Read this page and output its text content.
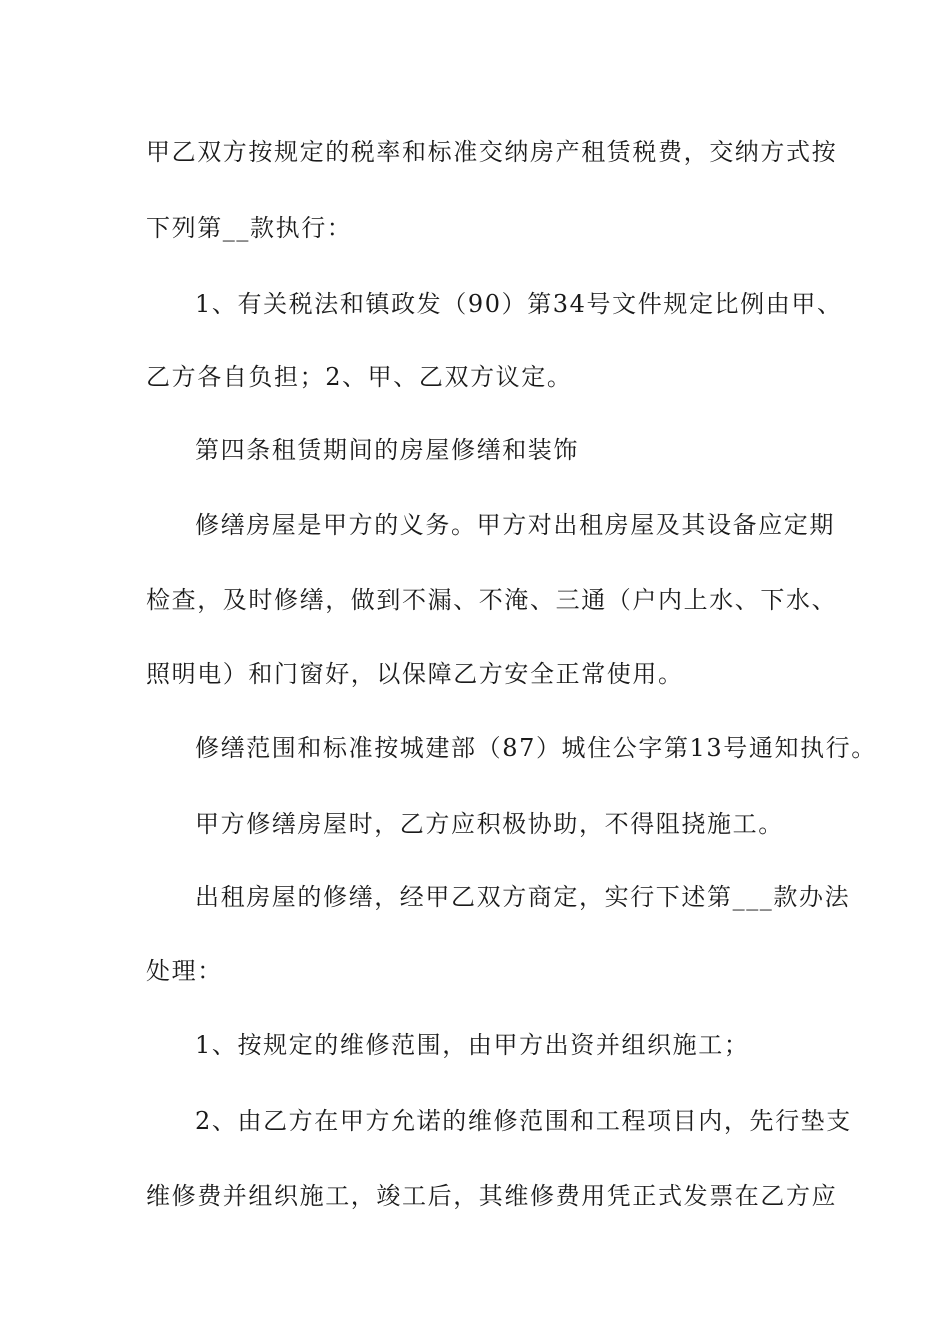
甲乙双方按规定的税率和标准交纳房产租赁税费，交纳方式按
下列第__款执行：
1、有关税法和镇政发（90）第34号文件规定比例由甲、
乙方各自负担；2、甲、乙双方议定。
第四条租赁期间的房屋修缮和装饰
修缮房屋是甲方的义务。甲方对出租房屋及其设备应定期
检查，及时修缮，做到不漏、不淹、三通（户内上水、下水、
照明电）和门窗好，以保障乙方安全正常使用。
修缮范围和标准按城建部（87）城住公字第13号通知执行。
甲方修缮房屋时，乙方应积极协助，不得阻挠施工。
出租房屋的修缮，经甲乙双方商定，实行下述第___款办法
处理：
1、按规定的维修范围，由甲方出资并组织施工；
2、由乙方在甲方允诺的维修范围和工程项目内，先行垫支
维修费并组织施工，竣工后，其维修费用凭正式发票在乙方应
